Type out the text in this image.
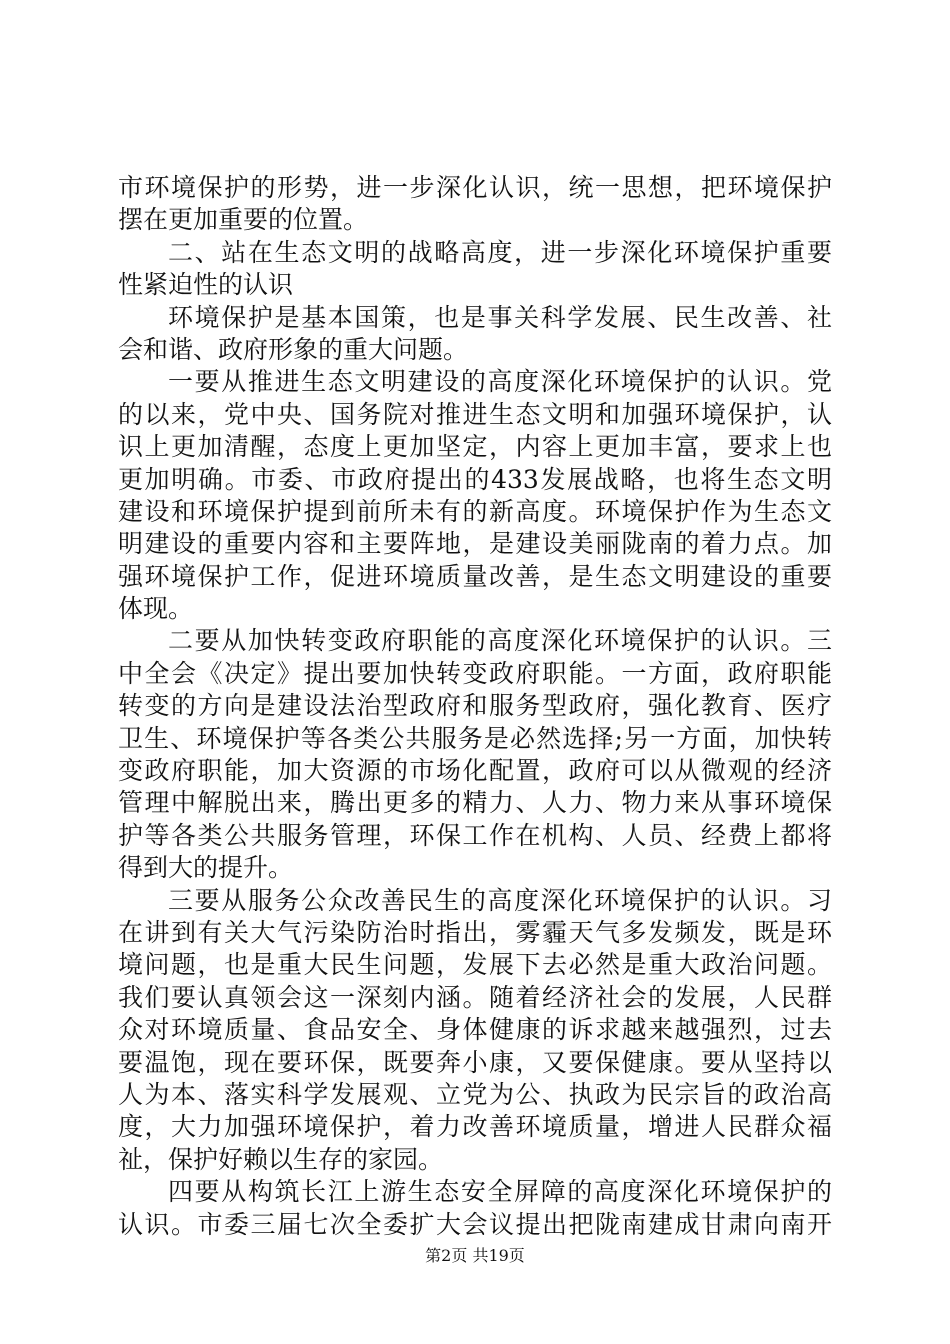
市环境保护的形势，进一步深化认识，统一思想，把环境保护
摆在更加重要的位置。
二、站在生态文明的战略高度，进一步深化环境保护重要
性紧迫性的认识
环境保护是基本国策，也是事关科学发展、民生改善、社
会和谐、政府形象的重大问题。
一要从推进生态文明建设的高度深化环境保护的认识。党
的以来，党中央、国务院对推进生态文明和加强环境保护，认
识上更加清醒，态度上更加坚定，内容上更加丰富，要求上也
更加明确。市委、市政府提出的433发展战略，也将生态文明
建设和环境保护提到前所未有的新高度。环境保护作为生态文
明建设的重要内容和主要阵地，是建设美丽陇南的着力点。加
强环境保护工作，促进环境质量改善，是生态文明建设的重要
体现。
二要从加快转变政府职能的高度深化环境保护的认识。三
中全会《决定》提出要加快转变政府职能。一方面，政府职能
转变的方向是建设法治型政府和服务型政府，强化教育、医疗
卫生、环境保护等各类公共服务是必然选择;另一方面，加快转
变政府职能，加大资源的市场化配置，政府可以从微观的经济
管理中解脱出来，腾出更多的精力、人力、物力来从事环境保
护等各类公共服务管理，环保工作在机构、人员、经费上都将
得到大的提升。
三要从服务公众改善民生的高度深化环境保护的认识。习
在讲到有关大气污染防治时指出，雾霾天气多发频发，既是环
境问题，也是重大民生问题，发展下去必然是重大政治问题。
我们要认真领会这一深刻内涵。随着经济社会的发展，人民群
众对环境质量、食品安全、身体健康的诉求越来越强烈，过去
要温饱，现在要环保，既要奔小康，又要保健康。要从坚持以
人为本、落实科学发展观、立党为公、执政为民宗旨的政治高
度，大力加强环境保护，着力改善环境质量，增进人民群众福
祉，保护好赖以生存的家园。
四要从构筑长江上游生态安全屏障的高度深化环境保护的
认识。市委三届七次全委扩大会议提出把陇南建成甘肃向南开
第2页 共19页
